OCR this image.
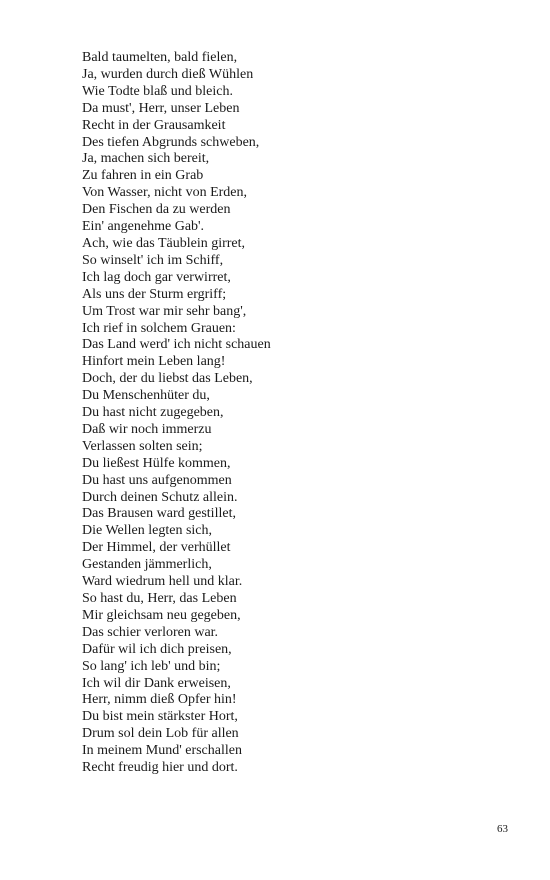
Bald taumelten, bald fielen,
Ja, wurden durch dieß Wühlen
Wie Todte blaß und bleich.
Da must', Herr, unser Leben
Recht in der Grausamkeit
Des tiefen Abgrunds schweben,
Ja, machen sich bereit,
Zu fahren in ein Grab
Von Wasser, nicht von Erden,
Den Fischen da zu werden
Ein' angenehme Gab'.
Ach, wie das Täublein girret,
So winselt' ich im Schiff,
Ich lag doch gar verwirret,
Als uns der Sturm ergriff;
Um Trost war mir sehr bang',
Ich rief in solchem Grauen:
Das Land werd' ich nicht schauen
Hinfort mein Leben lang!
Doch, der du liebst das Leben,
Du Menschenhüter du,
Du hast nicht zugegeben,
Daß wir noch immerzu
Verlassen solten sein;
Du ließest Hülfe kommen,
Du hast uns aufgenommen
Durch deinen Schutz allein.
Das Brausen ward gestillet,
Die Wellen legten sich,
Der Himmel, der verhüllet
Gestanden jämmerlich,
Ward wiedrum hell und klar.
So hast du, Herr, das Leben
Mir gleichsam neu gegeben,
Das schier verloren war.
Dafür wil ich dich preisen,
So lang' ich leb' und bin;
Ich wil dir Dank erweisen,
Herr, nimm dieß Opfer hin!
Du bist mein stärkster Hort,
Drum sol dein Lob für allen
In meinem Mund' erschallen
Recht freudig hier und dort.
63
